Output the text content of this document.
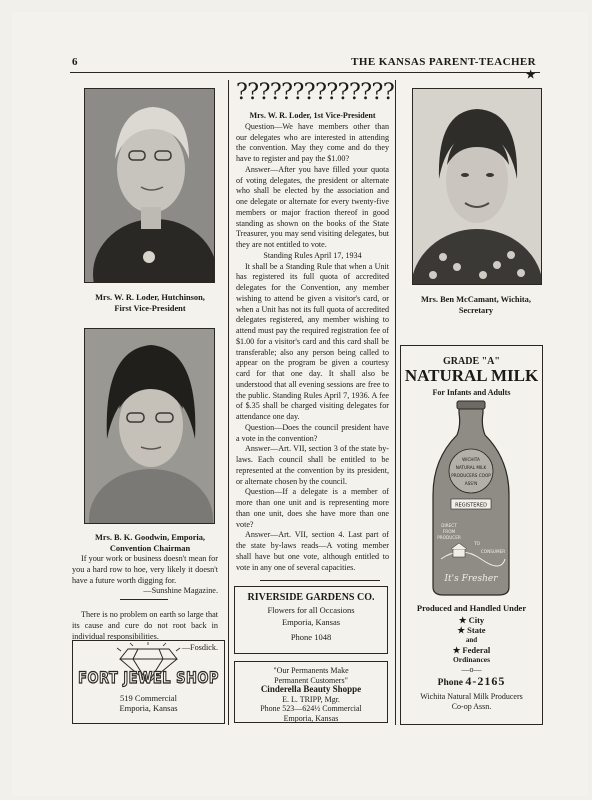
6	THE KANSAS PARENT-TEACHER ★
Mrs. W. R. Loder, Hutchinson,
First Vice-President
Mrs. B. K. Goodwin, Emporia,
Convention Chairman
Mrs. Ben McCamant, Wichita,
Secretary
??????????????

Mrs. W. R. Loder, 1st Vice-President

Question—We have members other than our delegates who are interested in attending the convention. May they come and do they have to register and pay the $1.00?

Answer—After you have filled your quota of voting delegates, the president or alternate who shall be elected by the association and one delegate or alternate for every twenty-five members or major fraction thereof in good standing as shown on the books of the State Treasurer, you may send visiting delegates, but they are not entitled to vote.

Standing Rules April 17, 1934

It shall be a Standing Rule that when a Unit has registered its full quota of accredited delegates for the Convention, any member wishing to attend be given a visitor's card, or when a Unit has not its full quota of accredited delegates registered, any member wishing to attend must pay the required registration fee of $1.00 for a visitor's card and this card shall be transferable; also any person being called to appear on the program be given a courtesy card for that one day. It shall also be understood that all evening sessions are free to the public. Standing Rules April 7, 1936. A fee of $.35 shall be charged visiting delegates for attendance one day.

Question—Does the council president have a vote in the convention?

Answer—Art. VII, section 3 of the state by-laws. Each council shall be entitled to be represented at the convention by its president, or alternate chosen by the council.

Question—If a delegate is a member of more than one unit and is representing more than one unit, does she have more than one vote?

Answer—Art. VII, section 4. Last part of the state by-laws reads—A voting member shall have but one vote, although entitled to vote in any one of several capacities.

If your work or business doesn't mean for you a hard row to hoe, very likely it doesn't have a future worth digging for.

—Sunshine Magazine.

There is no problem on earth so large that its cause and cure do not root back in individual responsibilities.

—Fosdick.

RIVERSIDE GARDENS CO.
Flowers for all Occasions
Emporia, Kansas
Phone 1048
"Our Permanents Make
Permanent Customers"
Cinderella Beauty Shoppe
E. L. TRIPP, Mgr.
Phone 523—624½ Commercial
Emporia, Kansas
FORT JEWEL SHOP
519 Commercial
Emporia, Kansas
GRADE "A"
NATURAL MILK
For Infants and Adults
WICHITA
NATURAL MILK
PRODUCERS COOP
ASS'N
REGISTERED
DIRECT
FROM
PRODUCER
TO
CONSUMER
It's Fresher
Produced and Handled Under
★ City
★ State
and
★ Federal
Ordinances
—o—
Phone 4-2165
Wichita Natural Milk Producers
Co-op Assn.
